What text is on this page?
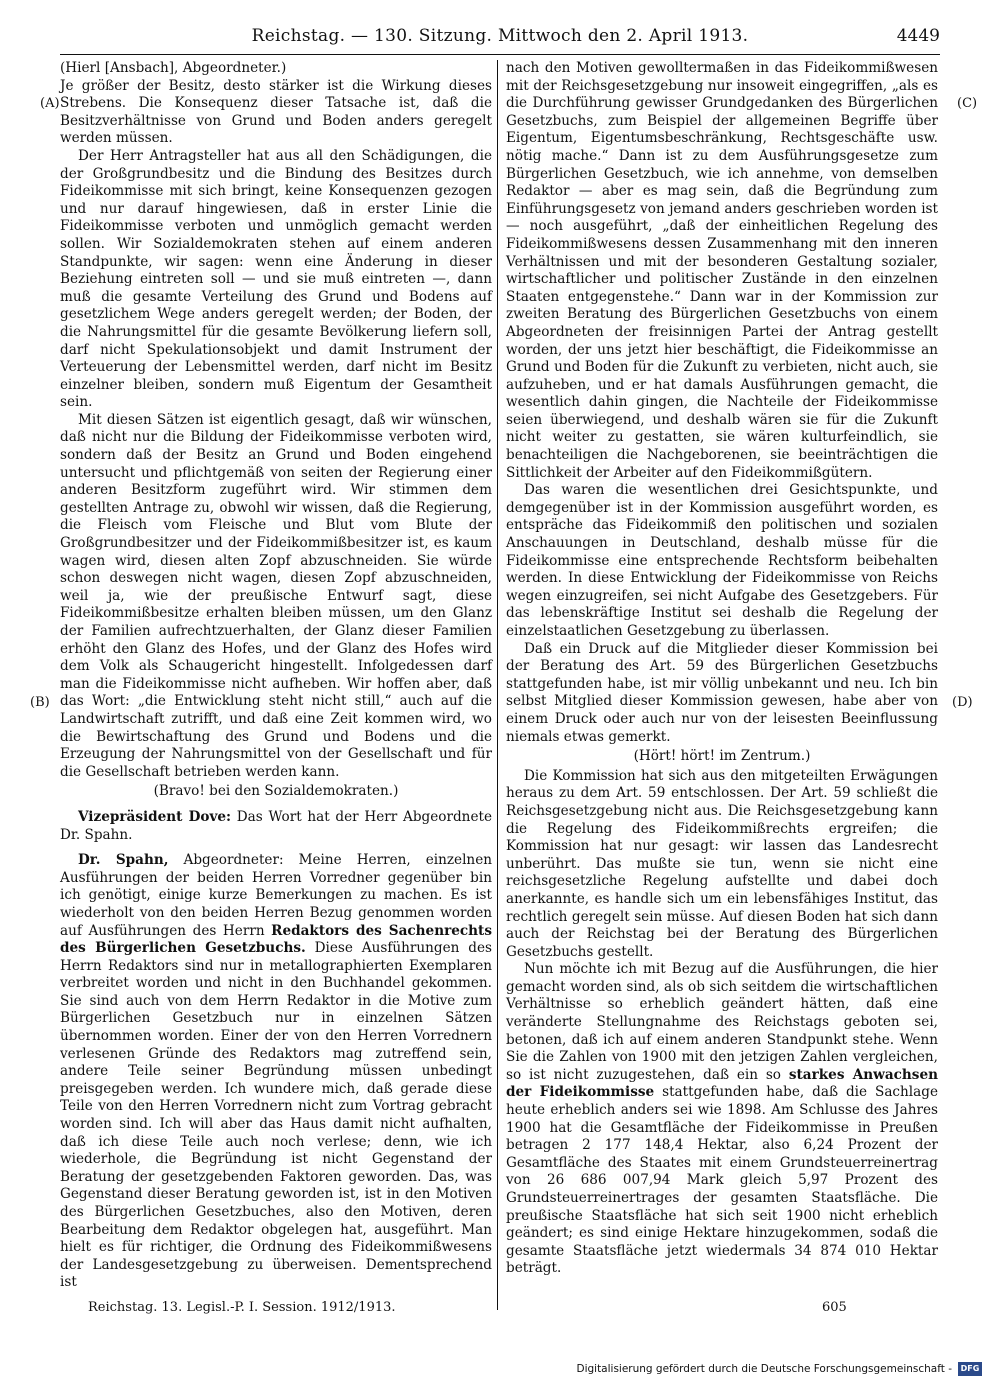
Reichstag. — 130. Sitzung. Mittwoch den 2. April 1913.	4449
(A)
(B)
(C)
(D)

(Hierl [Ansbach], Abgeordneter.)

Je größer der Besitz, desto stärker ist die Wirkung dieses Strebens. Die Konsequenz dieser Tatsache ist, daß die Besitzverhältnisse von Grund und Boden anders geregelt werden müssen.

Der Herr Antragsteller hat aus all den Schädigungen, die der Großgrundbesitz und die Bindung des Besitzes durch Fideikommisse mit sich bringt, keine Konsequenzen gezogen und nur darauf hingewiesen, daß in erster Linie die Fideikommisse verboten und unmöglich gemacht werden sollen. Wir Sozialdemokraten stehen auf einem anderen Standpunkte, wir sagen: wenn eine Änderung in dieser Beziehung eintreten soll — und sie muß eintreten —, dann muß die gesamte Verteilung des Grund und Bodens auf gesetzlichem Wege anders geregelt werden; der Boden, der die Nahrungsmittel für die gesamte Bevölkerung liefern soll, darf nicht Spekulationsobjekt und damit Instrument der Verteuerung der Lebensmittel werden, darf nicht im Besitz einzelner bleiben, sondern muß Eigentum der Gesamtheit sein.

Mit diesen Sätzen ist eigentlich gesagt, daß wir wünschen, daß nicht nur die Bildung der Fideikommisse verboten wird, sondern daß der Besitz an Grund und Boden eingehend untersucht und pflichtgemäß von seiten der Regierung einer anderen Besitzform zugeführt wird. Wir stimmen dem gestellten Antrage zu, obwohl wir wissen, daß die Regierung, die Fleisch vom Fleische und Blut vom Blute der Großgrundbesitzer und der Fideikommißbesitzer ist, es kaum wagen wird, diesen alten Zopf abzuschneiden. Sie würde schon deswegen nicht wagen, diesen Zopf abzuschneiden, weil ja, wie der preußische Entwurf sagt, diese Fideikommißbesitze erhalten bleiben müssen, um den Glanz der Familien aufrechtzuerhalten, der Glanz dieser Familien erhöht den Glanz des Hofes, und der Glanz des Hofes wird dem Volk als Schaugericht hingestellt. Infolgedessen darf man die Fideikommisse nicht aufheben. Wir hoffen aber, daß das Wort: „die Entwicklung steht nicht still,“ auch auf die Landwirtschaft zutrifft, und daß eine Zeit kommen wird, wo die Bewirtschaftung des Grund und Bodens und die Erzeugung der Nahrungsmittel von der Gesellschaft und für die Gesellschaft betrieben werden kann.

(Bravo! bei den Sozialdemokraten.)

Vizepräsident Dove: Das Wort hat der Herr Abgeordnete Dr. Spahn.

Dr. Spahn, Abgeordneter: Meine Herren, einzelnen Ausführungen der beiden Herren Vorredner gegenüber bin ich genötigt, einige kurze Bemerkungen zu machen. Es ist wiederholt von den beiden Herren Bezug genommen worden auf Ausführungen des Herrn Redaktors des Sachenrechts des Bürgerlichen Gesetzbuchs. Diese Ausführungen des Herrn Redaktors sind nur in metallographierten Exemplaren verbreitet worden und nicht in den Buchhandel gekommen. Sie sind auch von dem Herrn Redaktor in die Motive zum Bürgerlichen Gesetzbuch nur in einzelnen Sätzen übernommen worden. Einer der von den Herren Vorrednern verlesenen Gründe des Redaktors mag zutreffend sein, andere Teile seiner Begründung müssen unbedingt preisgegeben werden. Ich wundere mich, daß gerade diese Teile von den Herren Vorrednern nicht zum Vortrag gebracht worden sind. Ich will aber das Haus damit nicht aufhalten, daß ich diese Teile auch noch verlese; denn, wie ich wiederhole, die Begründung ist nicht Gegenstand der Beratung der gesetzgebenden Faktoren geworden. Das, was Gegenstand dieser Beratung geworden ist, ist in den Motiven des Bürgerlichen Gesetzbuches, also den Motiven, deren Bearbeitung dem Redaktor obgelegen hat, ausgeführt. Man hielt es für richtiger, die Ordnung des Fideikommißwesens der Landesgesetzgebung zu überweisen. Dementsprechend ist

nach den Motiven gewolltermaßen in das Fideikommißwesen mit der Reichsgesetzgebung nur insoweit eingegriffen, „als es die Durchführung gewisser Grundgedanken des Bürgerlichen Gesetzbuchs, zum Beispiel der allgemeinen Begriffe über Eigentum, Eigentumsbeschränkung, Rechtsgeschäfte usw. nötig mache.“ Dann ist zu dem Ausführungsgesetze zum Bürgerlichen Gesetzbuch, wie ich annehme, von demselben Redaktor — aber es mag sein, daß die Begründung zum Einführungsgesetz von jemand anders geschrieben worden ist — noch ausgeführt, „daß der einheitlichen Regelung des Fideikommißwesens dessen Zusammenhang mit den inneren Verhältnissen und mit der besonderen Gestaltung sozialer, wirtschaftlicher und politischer Zustände in den einzelnen Staaten entgegenstehe.“ Dann war in der Kommission zur zweiten Beratung des Bürgerlichen Gesetzbuchs von einem Abgeordneten der freisinnigen Partei der Antrag gestellt worden, der uns jetzt hier beschäftigt, die Fideikommisse an Grund und Boden für die Zukunft zu verbieten, nicht auch, sie aufzuheben, und er hat damals Ausführungen gemacht, die wesentlich dahin gingen, die Nachteile der Fideikommisse seien überwiegend, und deshalb wären sie für die Zukunft nicht weiter zu gestatten, sie wären kulturfeindlich, sie benachteiligen die Nachgeborenen, sie beeinträchtigen die Sittlichkeit der Arbeiter auf den Fideikommißgütern.

Das waren die wesentlichen drei Gesichtspunkte, und demgegenüber ist in der Kommission ausgeführt worden, es entspräche das Fideikommiß den politischen und sozialen Anschauungen in Deutschland, deshalb müsse für die Fideikommisse eine entsprechende Rechtsform beibehalten werden. In diese Entwicklung der Fideikommisse von Reichs wegen einzugreifen, sei nicht Aufgabe des Gesetzgebers. Für das lebenskräftige Institut sei deshalb die Regelung der einzelstaatlichen Gesetzgebung zu überlassen.

Daß ein Druck auf die Mitglieder dieser Kommission bei der Beratung des Art. 59 des Bürgerlichen Gesetzbuchs stattgefunden habe, ist mir völlig unbekannt und neu. Ich bin selbst Mitglied dieser Kommission gewesen, habe aber von einem Druck oder auch nur von der leisesten Beeinflussung niemals etwas gemerkt.

(Hört! hört! im Zentrum.)

Die Kommission hat sich aus den mitgeteilten Erwägungen heraus zu dem Art. 59 entschlossen. Der Art. 59 schließt die Reichsgesetzgebung nicht aus. Die Reichsgesetzgebung kann die Regelung des Fideikommißrechts ergreifen; die Kommission hat nur gesagt: wir lassen das Landesrecht unberührt. Das mußte sie tun, wenn sie nicht eine reichsgesetzliche Regelung aufstellte und dabei doch anerkannte, es handle sich um ein lebensfähiges Institut, das rechtlich geregelt sein müsse. Auf diesen Boden hat sich dann auch der Reichstag bei der Beratung des Bürgerlichen Gesetzbuchs gestellt.

Nun möchte ich mit Bezug auf die Ausführungen, die hier gemacht worden sind, als ob sich seitdem die wirtschaftlichen Verhältnisse so erheblich geändert hätten, daß eine veränderte Stellungnahme des Reichstags geboten sei, betonen, daß ich auf einem anderen Standpunkt stehe. Wenn Sie die Zahlen von 1900 mit den jetzigen Zahlen vergleichen, so ist nicht zuzugestehen, daß ein so starkes Anwachsen der Fideikommisse stattgefunden habe, daß die Sachlage heute erheblich anders sei wie 1898. Am Schlusse des Jahres 1900 hat die Gesamtfläche der Fideikommisse in Preußen betragen 2 177 148,4 Hektar, also 6,24 Prozent der Gesamtfläche des Staates mit einem Grundsteuerreinertrag von 26 686 007,94 Mark gleich 5,97 Prozent des Grundsteuerreinertrages der gesamten Staatsfläche. Die preußische Staatsfläche hat sich seit 1900 nicht erheblich geändert; es sind einige Hektare hinzugekommen, sodaß die gesamte Staatsfläche jetzt wiedermals 34 874 010 Hektar beträgt.

Reichstag. 13. Legisl.-P. I. Session. 1912/1913.	605
Digitalisierung gefördert durch die Deutsche Forschungsgemeinschaft -	DFG
